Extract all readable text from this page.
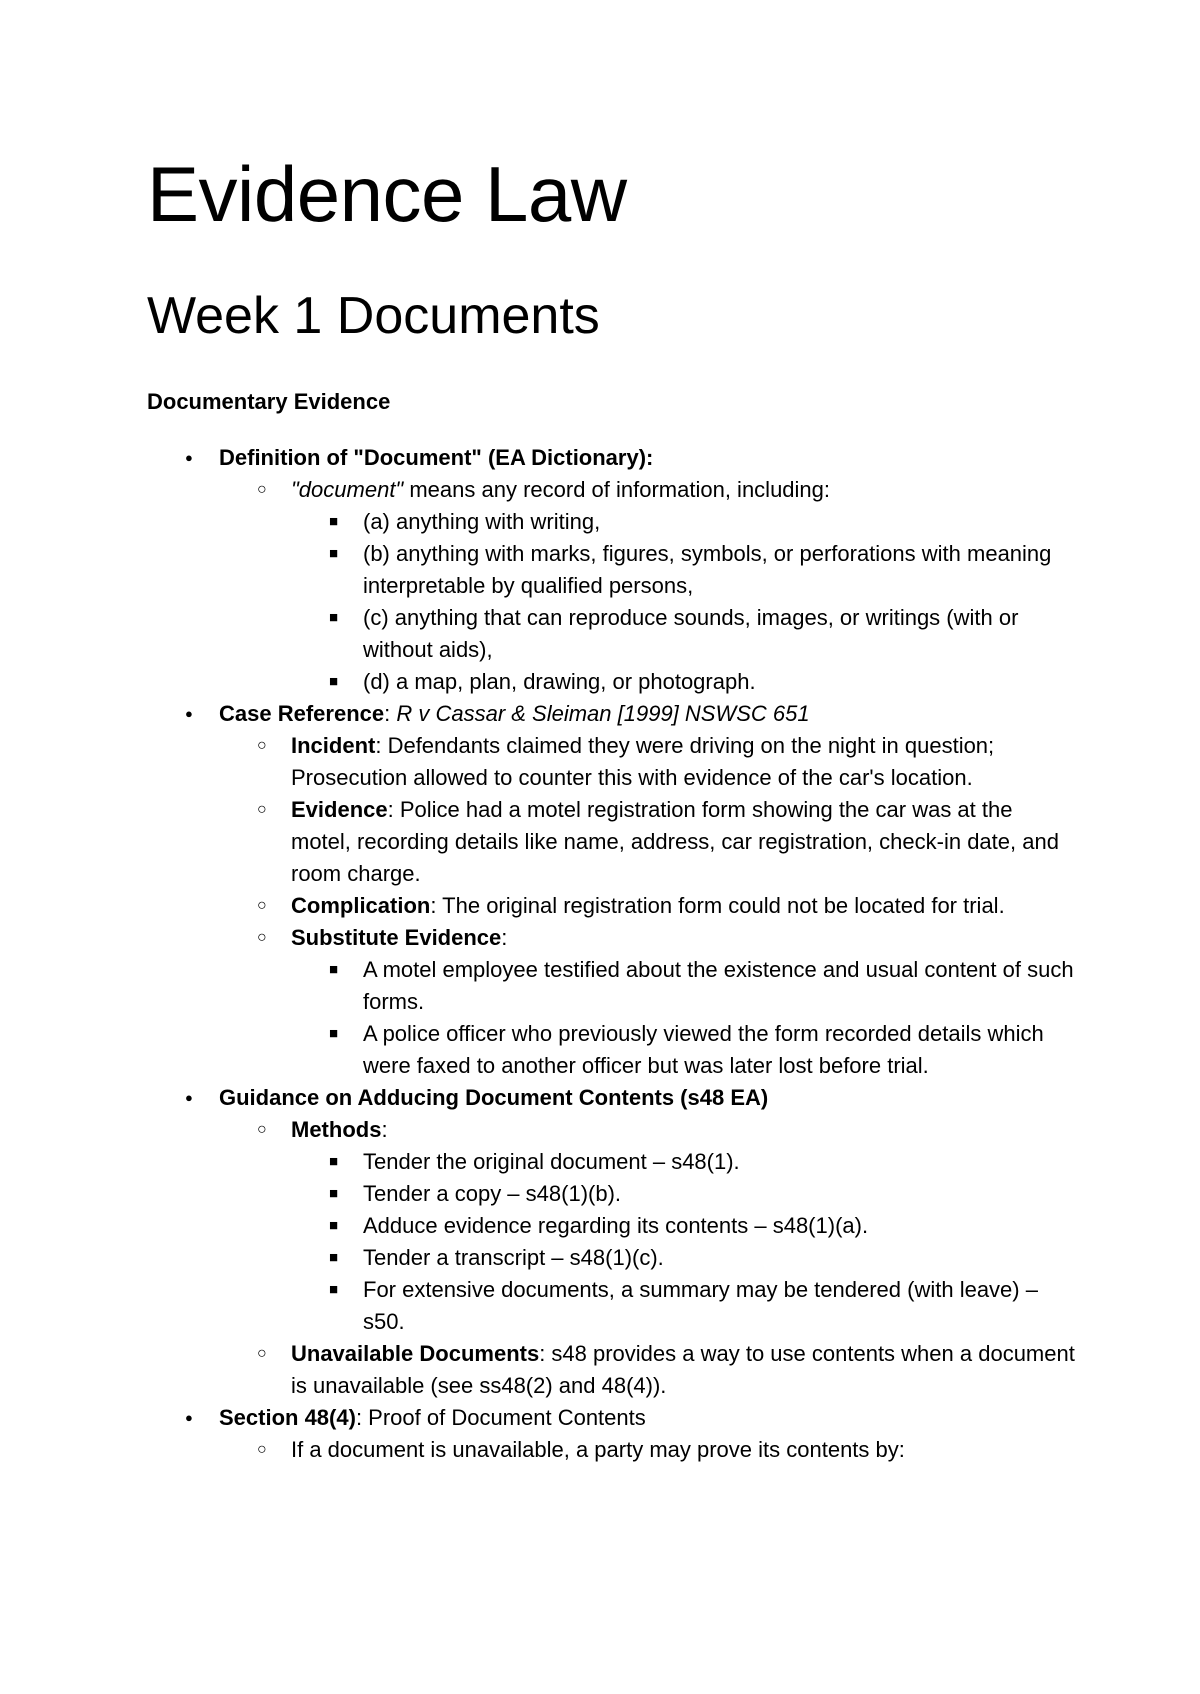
Evidence Law
Week 1 Documents
Documentary Evidence
● Definition of "Document" (EA Dictionary):
○ "document" means any record of information, including:
■ (a) anything with writing,
■ (b) anything with marks, figures, symbols, or perforations with meaning interpretable by qualified persons,
■ (c) anything that can reproduce sounds, images, or writings (with or without aids),
■ (d) a map, plan, drawing, or photograph.
● Case Reference: R v Cassar & Sleiman [1999] NSWSC 651
○ Incident: Defendants claimed they were driving on the night in question; Prosecution allowed to counter this with evidence of the car's location.
○ Evidence: Police had a motel registration form showing the car was at the motel, recording details like name, address, car registration, check-in date, and room charge.
○ Complication: The original registration form could not be located for trial.
○ Substitute Evidence:
■ A motel employee testified about the existence and usual content of such forms.
■ A police officer who previously viewed the form recorded details which were faxed to another officer but was later lost before trial.
● Guidance on Adducing Document Contents (s48 EA)
○ Methods:
■ Tender the original document – s48(1).
■ Tender a copy – s48(1)(b).
■ Adduce evidence regarding its contents – s48(1)(a).
■ Tender a transcript – s48(1)(c).
■ For extensive documents, a summary may be tendered (with leave) – s50.
○ Unavailable Documents: s48 provides a way to use contents when a document is unavailable (see ss48(2) and 48(4)).
● Section 48(4): Proof of Document Contents
○ If a document is unavailable, a party may prove its contents by:
